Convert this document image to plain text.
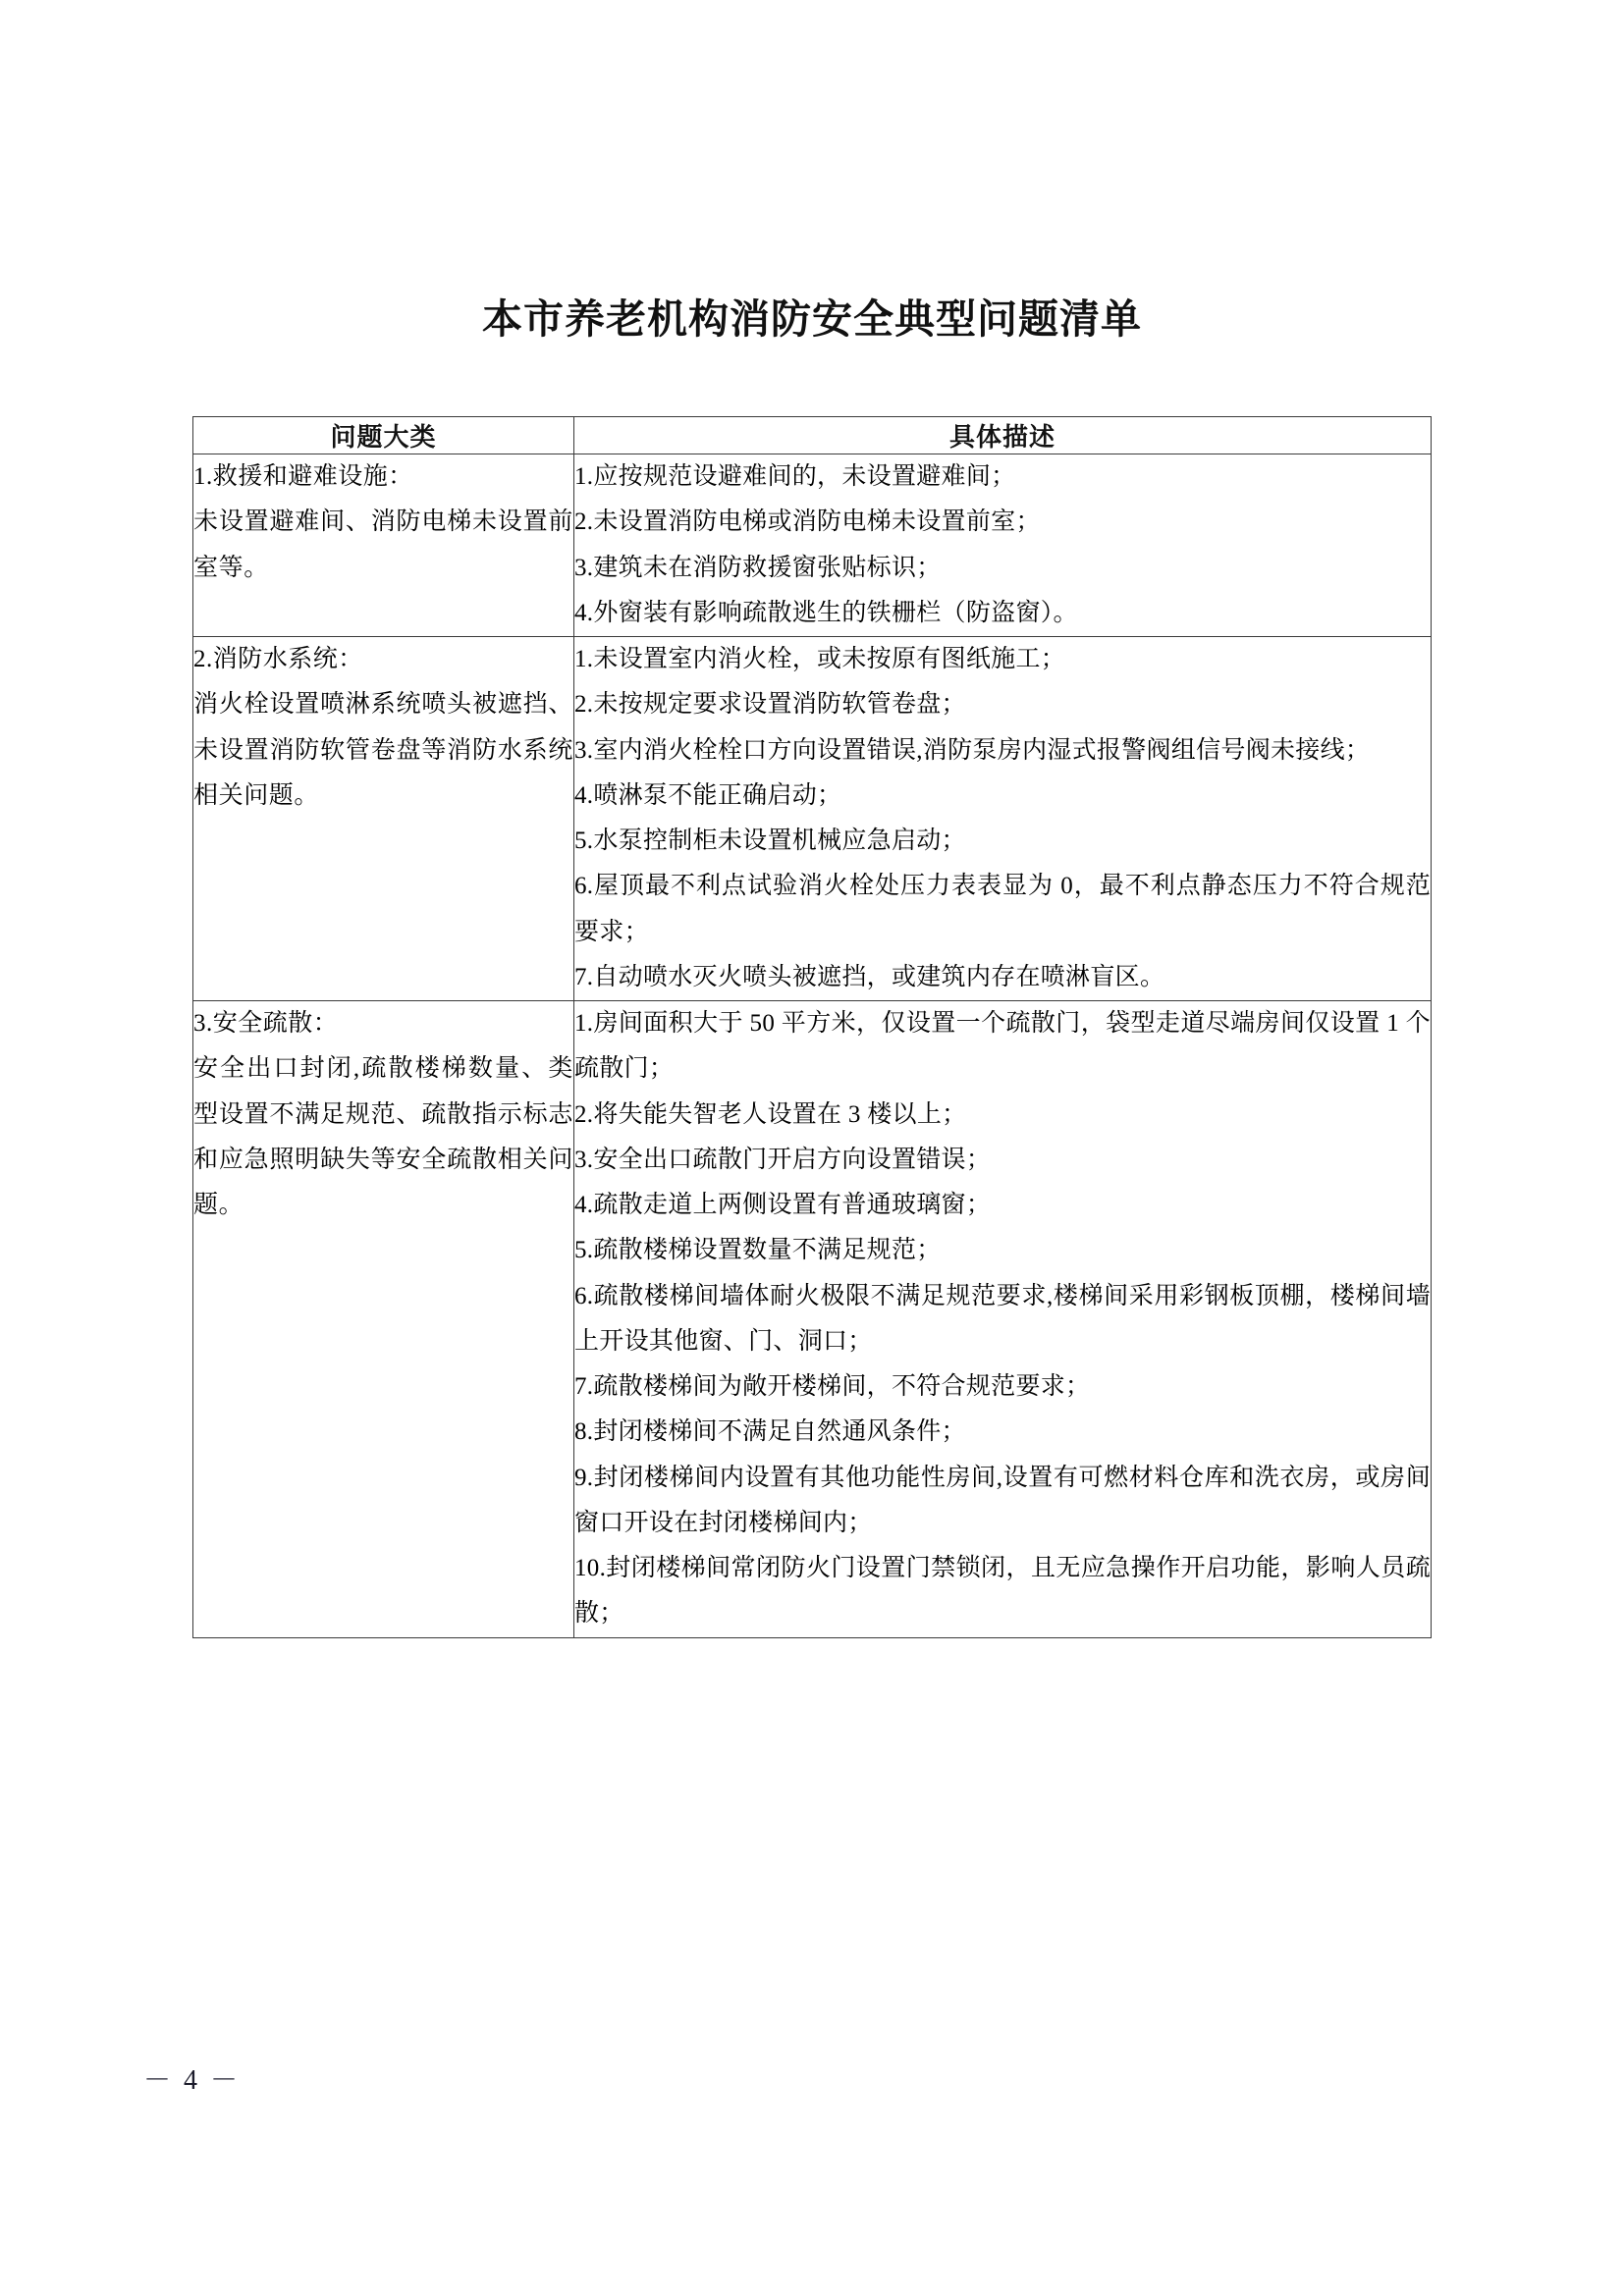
本市养老机构消防安全典型问题清单
问题大类	具体描述

1.救援和避难设施：
未设置避难间、消防电梯未设置前室等。

1.应按规范设避难间的，未设置避难间；
2.未设置消防电梯或消防电梯未设置前室；
3.建筑未在消防救援窗张贴标识；
4.外窗装有影响疏散逃生的铁栅栏（防盗窗）。

2.消防水系统：
消火栓设置喷淋系统喷头被遮挡、未设置消防软管卷盘等消防水系统相关问题。

1.未设置室内消火栓，或未按原有图纸施工；
2.未按规定要求设置消防软管卷盘；
3.室内消火栓栓口方向设置错误,消防泵房内湿式报警阀组信号阀未接线；
4.喷淋泵不能正确启动；
5.水泵控制柜未设置机械应急启动；
6.屋顶最不利点试验消火栓处压力表表显为 0，最不利点静态压力不符合规范要求；
7.自动喷水灭火喷头被遮挡，或建筑内存在喷淋盲区。

3.安全疏散：
安全出口封闭,疏散楼梯数量、类型设置不满足规范、疏散指示标志和应急照明缺失等安全疏散相关问题。

1.房间面积大于 50 平方米，仅设置一个疏散门，袋型走道尽端房间仅设置 1 个疏散门；
2.将失能失智老人设置在 3 楼以上；
3.安全出口疏散门开启方向设置错误；
4.疏散走道上两侧设置有普通玻璃窗；
5.疏散楼梯设置数量不满足规范；
6.疏散楼梯间墙体耐火极限不满足规范要求,楼梯间采用彩钢板顶棚，楼梯间墙上开设其他窗、门、洞口；
7.疏散楼梯间为敞开楼梯间，不符合规范要求；
8.封闭楼梯间不满足自然通风条件；
9.封闭楼梯间内设置有其他功能性房间,设置有可燃材料仓库和洗衣房，或房间窗口开设在封闭楼梯间内；
10.封闭楼梯间常闭防火门设置门禁锁闭，且无应急操作开启功能，影响人员疏散；
－ 4 －
